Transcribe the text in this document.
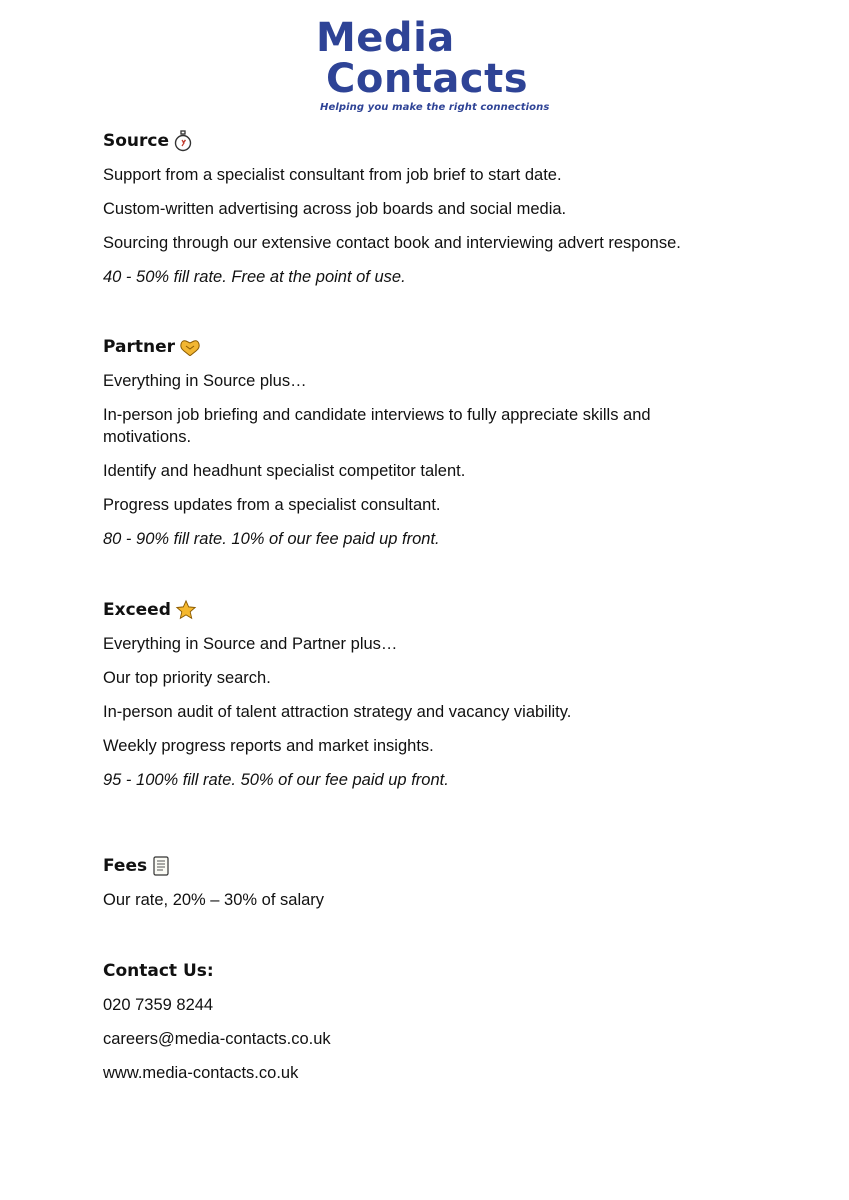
Media
Contacts
Helping you make the right connections
Source

Support from a specialist consultant from job brief to start date.

Custom-written advertising across job boards and social media.

Sourcing through our extensive contact book and interviewing advert response.

40 - 50% fill rate. Free at the point of use.

Partner

Everything in Source plus…

In-person job briefing and candidate interviews to fully appreciate skills and motivations.

Identify and headhunt specialist competitor talent.

Progress updates from a specialist consultant.

80 - 90% fill rate. 10% of our fee paid up front.

Exceed

Everything in Source and Partner plus…

Our top priority search.

In-person audit of talent attraction strategy and vacancy viability.

Weekly progress reports and market insights.

95 - 100% fill rate. 50% of our fee paid up front.

Fees

Our rate, 20% – 30% of salary

Contact Us:

020 7359 8244

careers@media-contacts.co.uk

www.media-contacts.co.uk
